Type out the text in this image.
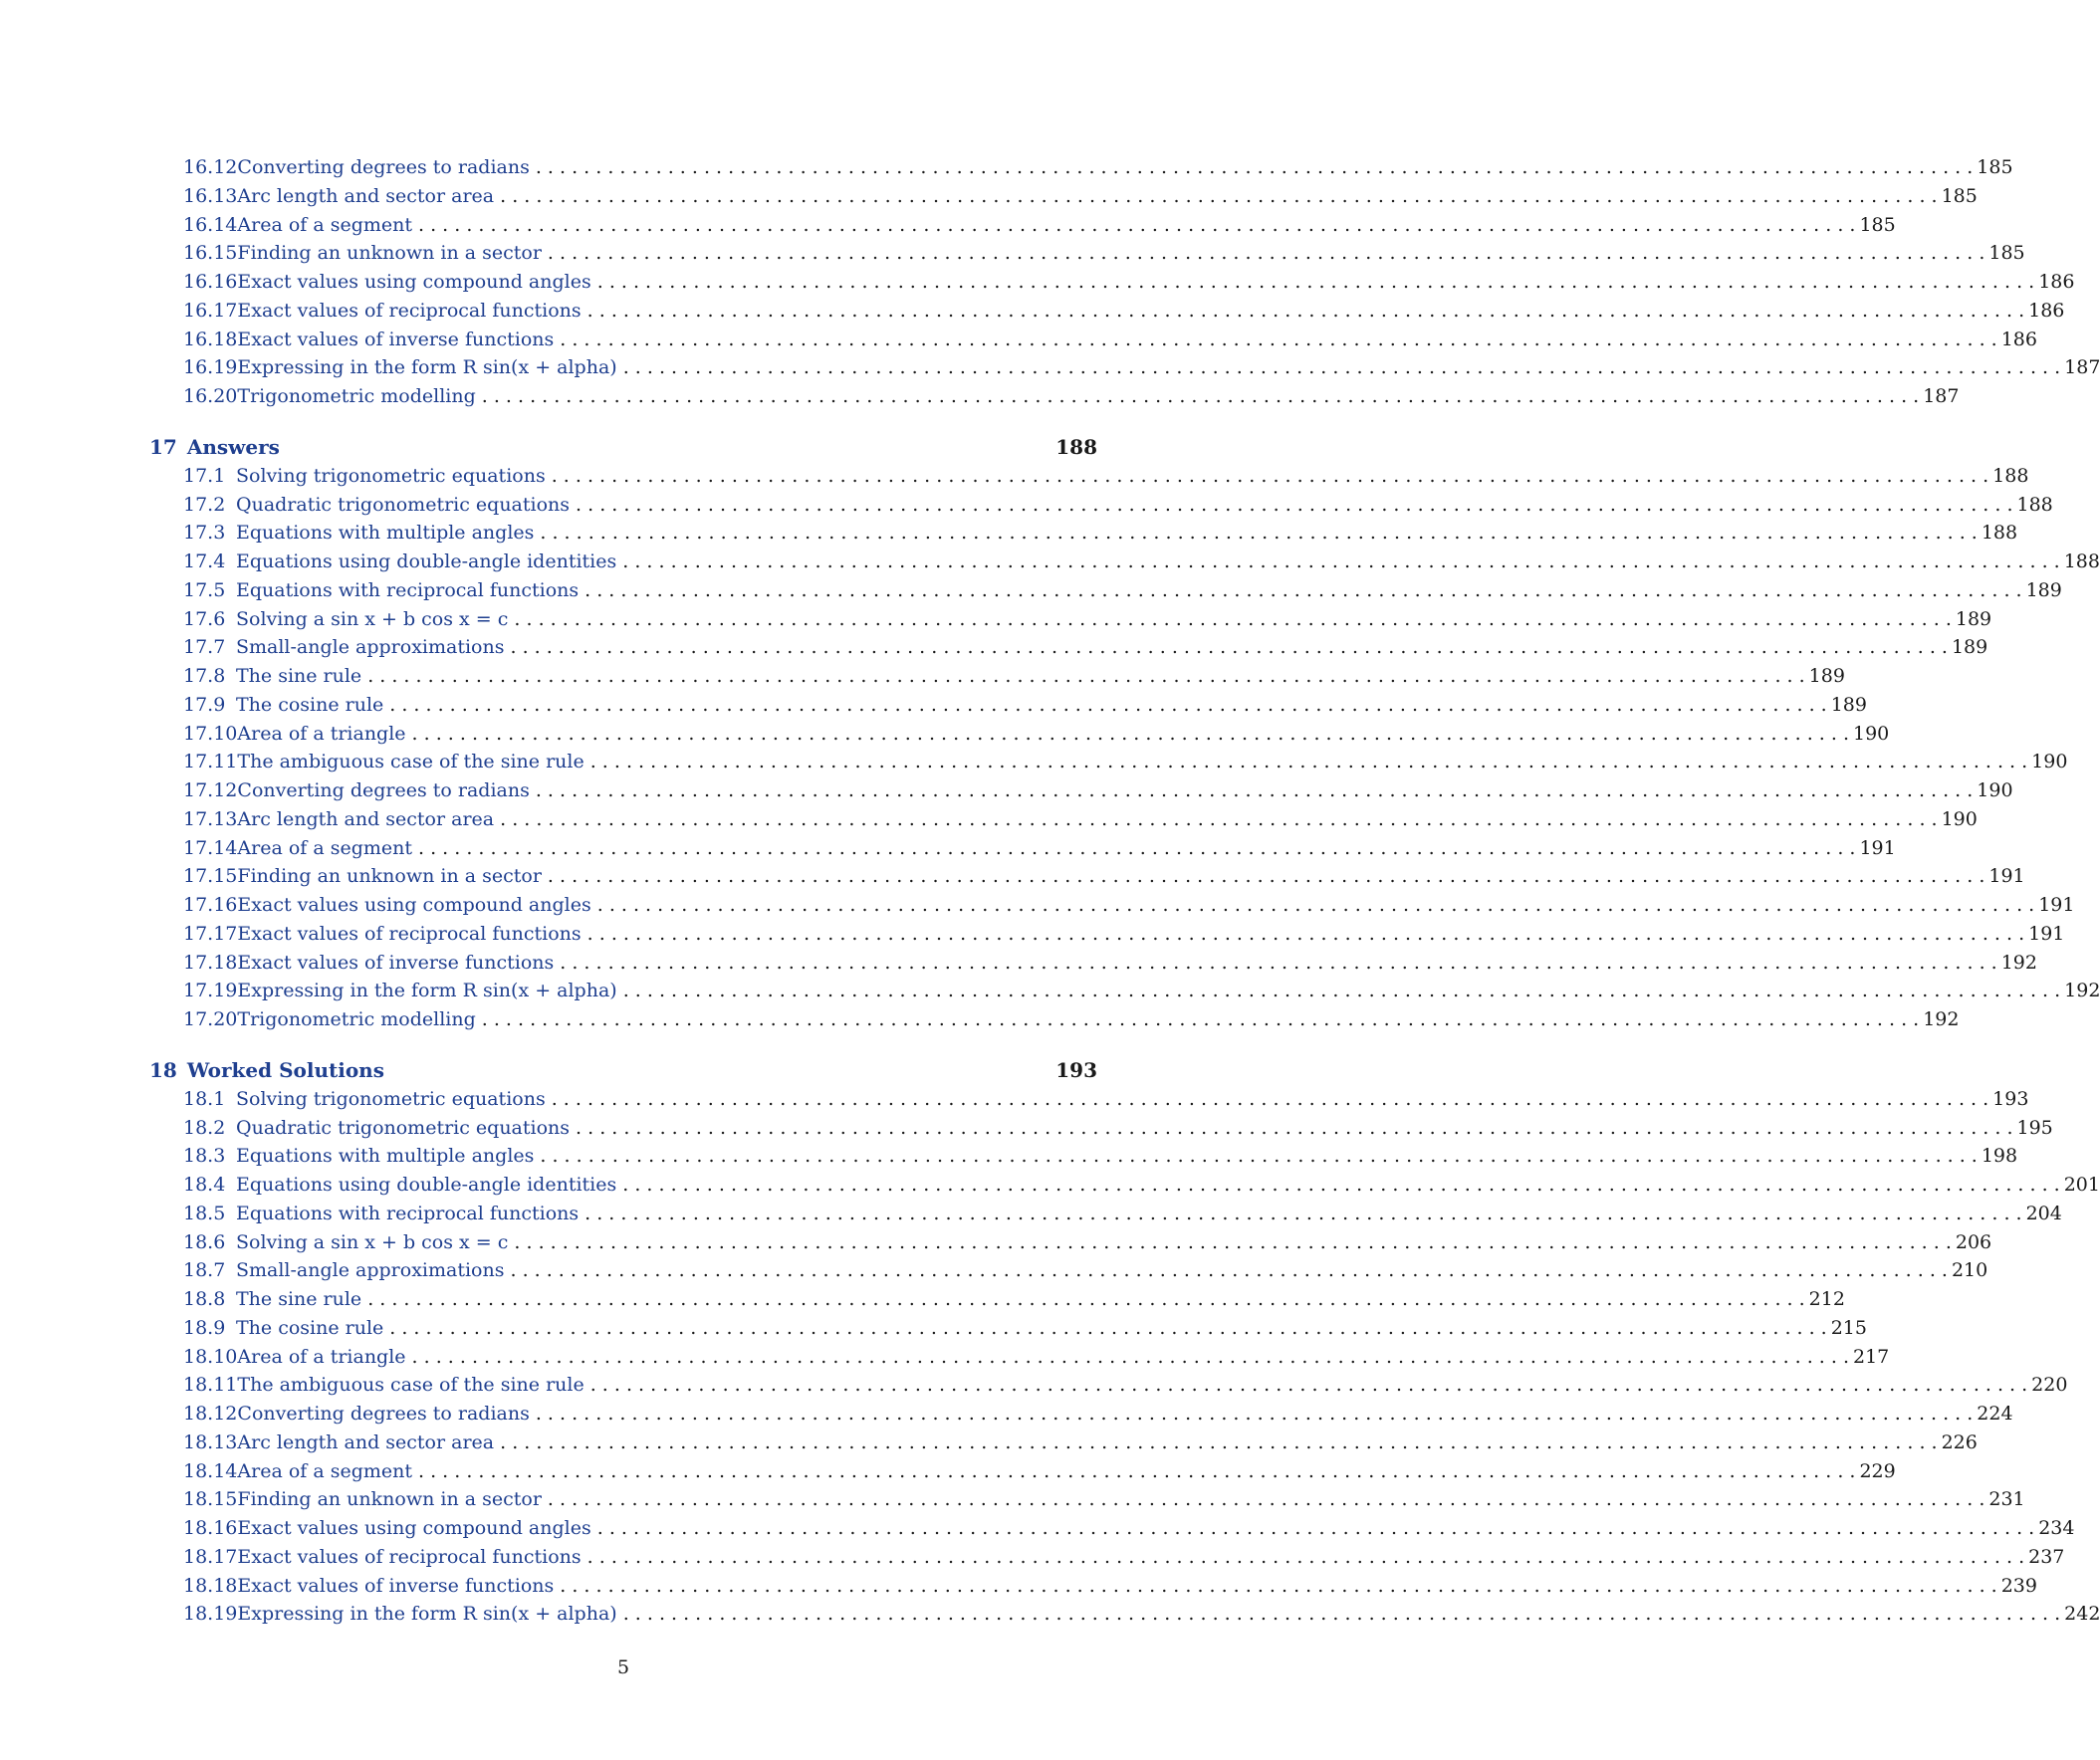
16.12 Converting degrees to radians . . . . . . . . . . . . . . . . . . . . . . . . . . . . . . . . . . . . . . . . . . . . . . . . . . . . . . . . . . . . . . . . . . . . . . . . . . . . . . . . . . . . . . . . . . . . . . . . . . . . . . . . . . . . . . . . . . . . . . . . 185
16.13 Arc length and sector area . . . . . . . . . . . . . . . . . . . . . . . . . . . . . . . . . . . . . . . . . . . . . . . . . . . . . . . . . . . . . . . . . . . . . . . . . . . . . . . . . . . . . . . . . . . . . . . . . . . . . . . . . . . . . . . . . . . . . . . . 185
16.14 Area of a segment . . . . . . . . . . . . . . . . . . . . . . . . . . . . . . . . . . . . . . . . . . . . . . . . . . . . . . . . . . . . . . . . . . . . . . . . . . . . . . . . . . . . . . . . . . . . . . . . . . . . . . . . . . . . . . . . . . . . . . . . 185
16.15 Finding an unknown in a sector . . . . . . . . . . . . . . . . . . . . . . . . . . . . . . . . . . . . . . . . . . . . . . . . . . . . . . . . . . . . . . . . . . . . . . . . . . . . . . . . . . . . . . . . . . . . . . . . . . . . . . . . . . . . . . . . . . . . . . . . 185
16.16 Exact values using compound angles . . . . . . . . . . . . . . . . . . . . . . . . . . . . . . . . . . . . . . . . . . . . . . . . . . . . . . . . . . . . . . . . . . . . . . . . . . . . . . . . . . . . . . . . . . . . . . . . . . . . . . . . . . . . . . . . . . . . . . . . 186
16.17 Exact values of reciprocal functions . . . . . . . . . . . . . . . . . . . . . . . . . . . . . . . . . . . . . . . . . . . . . . . . . . . . . . . . . . . . . . . . . . . . . . . . . . . . . . . . . . . . . . . . . . . . . . . . . . . . . . . . . . . . . . . . . . . . . . . . 186
16.18 Exact values of inverse functions . . . . . . . . . . . . . . . . . . . . . . . . . . . . . . . . . . . . . . . . . . . . . . . . . . . . . . . . . . . . . . . . . . . . . . . . . . . . . . . . . . . . . . . . . . . . . . . . . . . . . . . . . . . . . . . . . . . . . . . . 186
16.19 Expressing in the form R sin(x + alpha) . . . . . . . . . . . . . . . . . . . . . . . . . . . . . . . . . . . . . . . . . . . . . . . . . . . . . . . . . . . . . . . . . . . . . . . . . . . . . . . . . . . . . . . . . . . . . . . . . . . . . . . . . . . . . . . . . . . . . . . . 187
16.20 Trigonometric modelling . . . . . . . . . . . . . . . . . . . . . . . . . . . . . . . . . . . . . . . . . . . . . . . . . . . . . . . . . . . . . . . . . . . . . . . . . . . . . . . . . . . . . . . . . . . . . . . . . . . . . . . . . . . . . . . . . . . . . . . . 187
17 Answers	188
17.1 Solving trigonometric equations . . . . . . . . . . . . . . . . . . . . . . . . . . . . . . . . . . . . . . . . . . . . . . . . . . . . . . . . . . . . . . . . . . . . . . . . . . . . . . . . . . . . . . . . . . . . . . . . . . . . . . . . . . . . . . . . . . . . . . . . 188
17.2 Quadratic trigonometric equations . . . . . . . . . . . . . . . . . . . . . . . . . . . . . . . . . . . . . . . . . . . . . . . . . . . . . . . . . . . . . . . . . . . . . . . . . . . . . . . . . . . . . . . . . . . . . . . . . . . . . . . . . . . . . . . . . . . . . . . . 188
17.3 Equations with multiple angles . . . . . . . . . . . . . . . . . . . . . . . . . . . . . . . . . . . . . . . . . . . . . . . . . . . . . . . . . . . . . . . . . . . . . . . . . . . . . . . . . . . . . . . . . . . . . . . . . . . . . . . . . . . . . . . . . . . . . . . . 188
17.4 Equations using double-angle identities . . . . . . . . . . . . . . . . . . . . . . . . . . . . . . . . . . . . . . . . . . . . . . . . . . . . . . . . . . . . . . . . . . . . . . . . . . . . . . . . . . . . . . . . . . . . . . . . . . . . . . . . . . . . . . . . . . . . . . . . 188
17.5 Equations with reciprocal functions . . . . . . . . . . . . . . . . . . . . . . . . . . . . . . . . . . . . . . . . . . . . . . . . . . . . . . . . . . . . . . . . . . . . . . . . . . . . . . . . . . . . . . . . . . . . . . . . . . . . . . . . . . . . . . . . . . . . . . . . 189
17.6 Solving a sin x + b cos x = c . . . . . . . . . . . . . . . . . . . . . . . . . . . . . . . . . . . . . . . . . . . . . . . . . . . . . . . . . . . . . . . . . . . . . . . . . . . . . . . . . . . . . . . . . . . . . . . . . . . . . . . . . . . . . . . . . . . . . . . . 189
17.7 Small-angle approximations . . . . . . . . . . . . . . . . . . . . . . . . . . . . . . . . . . . . . . . . . . . . . . . . . . . . . . . . . . . . . . . . . . . . . . . . . . . . . . . . . . . . . . . . . . . . . . . . . . . . . . . . . . . . . . . . . . . . . . . . 189
17.8 The sine rule . . . . . . . . . . . . . . . . . . . . . . . . . . . . . . . . . . . . . . . . . . . . . . . . . . . . . . . . . . . . . . . . . . . . . . . . . . . . . . . . . . . . . . . . . . . . . . . . . . . . . . . . . . . . . . . . . . . . . . . . 189
17.9 The cosine rule . . . . . . . . . . . . . . . . . . . . . . . . . . . . . . . . . . . . . . . . . . . . . . . . . . . . . . . . . . . . . . . . . . . . . . . . . . . . . . . . . . . . . . . . . . . . . . . . . . . . . . . . . . . . . . . . . . . . . . . . 189
17.10 Area of a triangle . . . . . . . . . . . . . . . . . . . . . . . . . . . . . . . . . . . . . . . . . . . . . . . . . . . . . . . . . . . . . . . . . . . . . . . . . . . . . . . . . . . . . . . . . . . . . . . . . . . . . . . . . . . . . . . . . . . . . . . . 190
17.11 The ambiguous case of the sine rule . . . . . . . . . . . . . . . . . . . . . . . . . . . . . . . . . . . . . . . . . . . . . . . . . . . . . . . . . . . . . . . . . . . . . . . . . . . . . . . . . . . . . . . . . . . . . . . . . . . . . . . . . . . . . . . . . . . . . . . . 190
17.12 Converting degrees to radians . . . . . . . . . . . . . . . . . . . . . . . . . . . . . . . . . . . . . . . . . . . . . . . . . . . . . . . . . . . . . . . . . . . . . . . . . . . . . . . . . . . . . . . . . . . . . . . . . . . . . . . . . . . . . . . . . . . . . . . . 190
17.13 Arc length and sector area . . . . . . . . . . . . . . . . . . . . . . . . . . . . . . . . . . . . . . . . . . . . . . . . . . . . . . . . . . . . . . . . . . . . . . . . . . . . . . . . . . . . . . . . . . . . . . . . . . . . . . . . . . . . . . . . . . . . . . . . 190
17.14 Area of a segment . . . . . . . . . . . . . . . . . . . . . . . . . . . . . . . . . . . . . . . . . . . . . . . . . . . . . . . . . . . . . . . . . . . . . . . . . . . . . . . . . . . . . . . . . . . . . . . . . . . . . . . . . . . . . . . . . . . . . . . . 191
17.15 Finding an unknown in a sector . . . . . . . . . . . . . . . . . . . . . . . . . . . . . . . . . . . . . . . . . . . . . . . . . . . . . . . . . . . . . . . . . . . . . . . . . . . . . . . . . . . . . . . . . . . . . . . . . . . . . . . . . . . . . . . . . . . . . . . . 191
17.16 Exact values using compound angles . . . . . . . . . . . . . . . . . . . . . . . . . . . . . . . . . . . . . . . . . . . . . . . . . . . . . . . . . . . . . . . . . . . . . . . . . . . . . . . . . . . . . . . . . . . . . . . . . . . . . . . . . . . . . . . . . . . . . . . . 191
17.17 Exact values of reciprocal functions . . . . . . . . . . . . . . . . . . . . . . . . . . . . . . . . . . . . . . . . . . . . . . . . . . . . . . . . . . . . . . . . . . . . . . . . . . . . . . . . . . . . . . . . . . . . . . . . . . . . . . . . . . . . . . . . . . . . . . . . 191
17.18 Exact values of inverse functions . . . . . . . . . . . . . . . . . . . . . . . . . . . . . . . . . . . . . . . . . . . . . . . . . . . . . . . . . . . . . . . . . . . . . . . . . . . . . . . . . . . . . . . . . . . . . . . . . . . . . . . . . . . . . . . . . . . . . . . . 192
17.19 Expressing in the form R sin(x + alpha) . . . . . . . . . . . . . . . . . . . . . . . . . . . . . . . . . . . . . . . . . . . . . . . . . . . . . . . . . . . . . . . . . . . . . . . . . . . . . . . . . . . . . . . . . . . . . . . . . . . . . . . . . . . . . . . . . . . . . . . . 192
17.20 Trigonometric modelling . . . . . . . . . . . . . . . . . . . . . . . . . . . . . . . . . . . . . . . . . . . . . . . . . . . . . . . . . . . . . . . . . . . . . . . . . . . . . . . . . . . . . . . . . . . . . . . . . . . . . . . . . . . . . . . . . . . . . . . . 192
18 Worked Solutions	193
18.1 Solving trigonometric equations . . . . . . . . . . . . . . . . . . . . . . . . . . . . . . . . . . . . . . . . . . . . . . . . . . . . . . . . . . . . . . . . . . . . . . . . . . . . . . . . . . . . . . . . . . . . . . . . . . . . . . . . . . . . . . . . . . . . . . . . 193
18.2 Quadratic trigonometric equations . . . . . . . . . . . . . . . . . . . . . . . . . . . . . . . . . . . . . . . . . . . . . . . . . . . . . . . . . . . . . . . . . . . . . . . . . . . . . . . . . . . . . . . . . . . . . . . . . . . . . . . . . . . . . . . . . . . . . . . . 195
18.3 Equations with multiple angles . . . . . . . . . . . . . . . . . . . . . . . . . . . . . . . . . . . . . . . . . . . . . . . . . . . . . . . . . . . . . . . . . . . . . . . . . . . . . . . . . . . . . . . . . . . . . . . . . . . . . . . . . . . . . . . . . . . . . . . . 198
18.4 Equations using double-angle identities . . . . . . . . . . . . . . . . . . . . . . . . . . . . . . . . . . . . . . . . . . . . . . . . . . . . . . . . . . . . . . . . . . . . . . . . . . . . . . . . . . . . . . . . . . . . . . . . . . . . . . . . . . . . . . . . . . . . . . . . 201
18.5 Equations with reciprocal functions . . . . . . . . . . . . . . . . . . . . . . . . . . . . . . . . . . . . . . . . . . . . . . . . . . . . . . . . . . . . . . . . . . . . . . . . . . . . . . . . . . . . . . . . . . . . . . . . . . . . . . . . . . . . . . . . . . . . . . . . 204
18.6 Solving a sin x + b cos x = c . . . . . . . . . . . . . . . . . . . . . . . . . . . . . . . . . . . . . . . . . . . . . . . . . . . . . . . . . . . . . . . . . . . . . . . . . . . . . . . . . . . . . . . . . . . . . . . . . . . . . . . . . . . . . . . . . . . . . . . . 206
18.7 Small-angle approximations . . . . . . . . . . . . . . . . . . . . . . . . . . . . . . . . . . . . . . . . . . . . . . . . . . . . . . . . . . . . . . . . . . . . . . . . . . . . . . . . . . . . . . . . . . . . . . . . . . . . . . . . . . . . . . . . . . . . . . . . 210
18.8 The sine rule . . . . . . . . . . . . . . . . . . . . . . . . . . . . . . . . . . . . . . . . . . . . . . . . . . . . . . . . . . . . . . . . . . . . . . . . . . . . . . . . . . . . . . . . . . . . . . . . . . . . . . . . . . . . . . . . . . . . . . . . 212
18.9 The cosine rule . . . . . . . . . . . . . . . . . . . . . . . . . . . . . . . . . . . . . . . . . . . . . . . . . . . . . . . . . . . . . . . . . . . . . . . . . . . . . . . . . . . . . . . . . . . . . . . . . . . . . . . . . . . . . . . . . . . . . . . . 215
18.10 Area of a triangle . . . . . . . . . . . . . . . . . . . . . . . . . . . . . . . . . . . . . . . . . . . . . . . . . . . . . . . . . . . . . . . . . . . . . . . . . . . . . . . . . . . . . . . . . . . . . . . . . . . . . . . . . . . . . . . . . . . . . . . . 217
18.11 The ambiguous case of the sine rule . . . . . . . . . . . . . . . . . . . . . . . . . . . . . . . . . . . . . . . . . . . . . . . . . . . . . . . . . . . . . . . . . . . . . . . . . . . . . . . . . . . . . . . . . . . . . . . . . . . . . . . . . . . . . . . . . . . . . . . . 220
18.12 Converting degrees to radians . . . . . . . . . . . . . . . . . . . . . . . . . . . . . . . . . . . . . . . . . . . . . . . . . . . . . . . . . . . . . . . . . . . . . . . . . . . . . . . . . . . . . . . . . . . . . . . . . . . . . . . . . . . . . . . . . . . . . . . . 224
18.13 Arc length and sector area . . . . . . . . . . . . . . . . . . . . . . . . . . . . . . . . . . . . . . . . . . . . . . . . . . . . . . . . . . . . . . . . . . . . . . . . . . . . . . . . . . . . . . . . . . . . . . . . . . . . . . . . . . . . . . . . . . . . . . . . 226
18.14 Area of a segment . . . . . . . . . . . . . . . . . . . . . . . . . . . . . . . . . . . . . . . . . . . . . . . . . . . . . . . . . . . . . . . . . . . . . . . . . . . . . . . . . . . . . . . . . . . . . . . . . . . . . . . . . . . . . . . . . . . . . . . . 229
18.15 Finding an unknown in a sector . . . . . . . . . . . . . . . . . . . . . . . . . . . . . . . . . . . . . . . . . . . . . . . . . . . . . . . . . . . . . . . . . . . . . . . . . . . . . . . . . . . . . . . . . . . . . . . . . . . . . . . . . . . . . . . . . . . . . . . . 231
18.16 Exact values using compound angles . . . . . . . . . . . . . . . . . . . . . . . . . . . . . . . . . . . . . . . . . . . . . . . . . . . . . . . . . . . . . . . . . . . . . . . . . . . . . . . . . . . . . . . . . . . . . . . . . . . . . . . . . . . . . . . . . . . . . . . . 234
18.17 Exact values of reciprocal functions . . . . . . . . . . . . . . . . . . . . . . . . . . . . . . . . . . . . . . . . . . . . . . . . . . . . . . . . . . . . . . . . . . . . . . . . . . . . . . . . . . . . . . . . . . . . . . . . . . . . . . . . . . . . . . . . . . . . . . . . 237
18.18 Exact values of inverse functions . . . . . . . . . . . . . . . . . . . . . . . . . . . . . . . . . . . . . . . . . . . . . . . . . . . . . . . . . . . . . . . . . . . . . . . . . . . . . . . . . . . . . . . . . . . . . . . . . . . . . . . . . . . . . . . . . . . . . . . . 239
18.19 Expressing in the form R sin(x + alpha) . . . . . . . . . . . . . . . . . . . . . . . . . . . . . . . . . . . . . . . . . . . . . . . . . . . . . . . . . . . . . . . . . . . . . . . . . . . . . . . . . . . . . . . . . . . . . . . . . . . . . . . . . . . . . . . . . . . . . . . . 242
5
